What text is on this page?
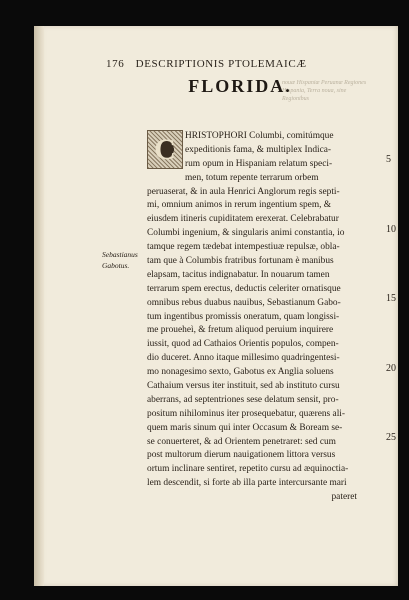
176 DESCRIPTIONIS PTOLEMAICÆ
nouæ Hispaniæ Peruanæ Regiones Hispania, Terra noua, sine Regionibus
FLORIDA.
C HRISTOPHORI Columbi, comitúmque
expeditionis fama, & multiplex Indica-
rum opum in Hispaniam relatum speci-
men, totum repente terrarum orbem
peruaserat, & in aula Henrici Anglorum regis septi-
mi, omnium animos in rerum ingentium spem, &
eiusdem itineris cupiditatem erexerat. Celebrabatur
Columbi ingenium, & singularis animi constantia, io
tamque regem tædebat intempestiuæ repulsæ, obla-
tam que à Columbis fratribus fortunam è manibus
elapsam, tacitus indignabatur. In nouarum tamen
terrarum spem erectus, deductis celeriter ornatisque
omnibus rebus duabus nauibus, Sebastianum Gabo-
tum ingentibus promissis oneratum, quam longissi-
me proueheì, & fretum aliquod peruium inquirere
iussit, quod ad Cathaios Orientis populos, compen-
dio duceret. Anno itaque millesimo quadringentesi-
mo nonagesimo sexto, Gabotus ex Anglia soluens
Cathaium versus iter instituit, sed ab instituto cursu
aberrans, ad septentriones sese delatum sensit, pro-
positum nihilominus iter prosequebatur, quærens ali-
quem maris sinum qui inter Occasum & Boream se-
se conuerteret, & ad Orientem penetraret: sed cum
post multorum dierum nauigationem littora versus
ortum inclinare sentiret, repetito cursu ad æquinoctia-
lem descendit, si forte ab illa parte intercursante mari
pateret
5
10
15
20
25
Sebastianus
Gabotus.
